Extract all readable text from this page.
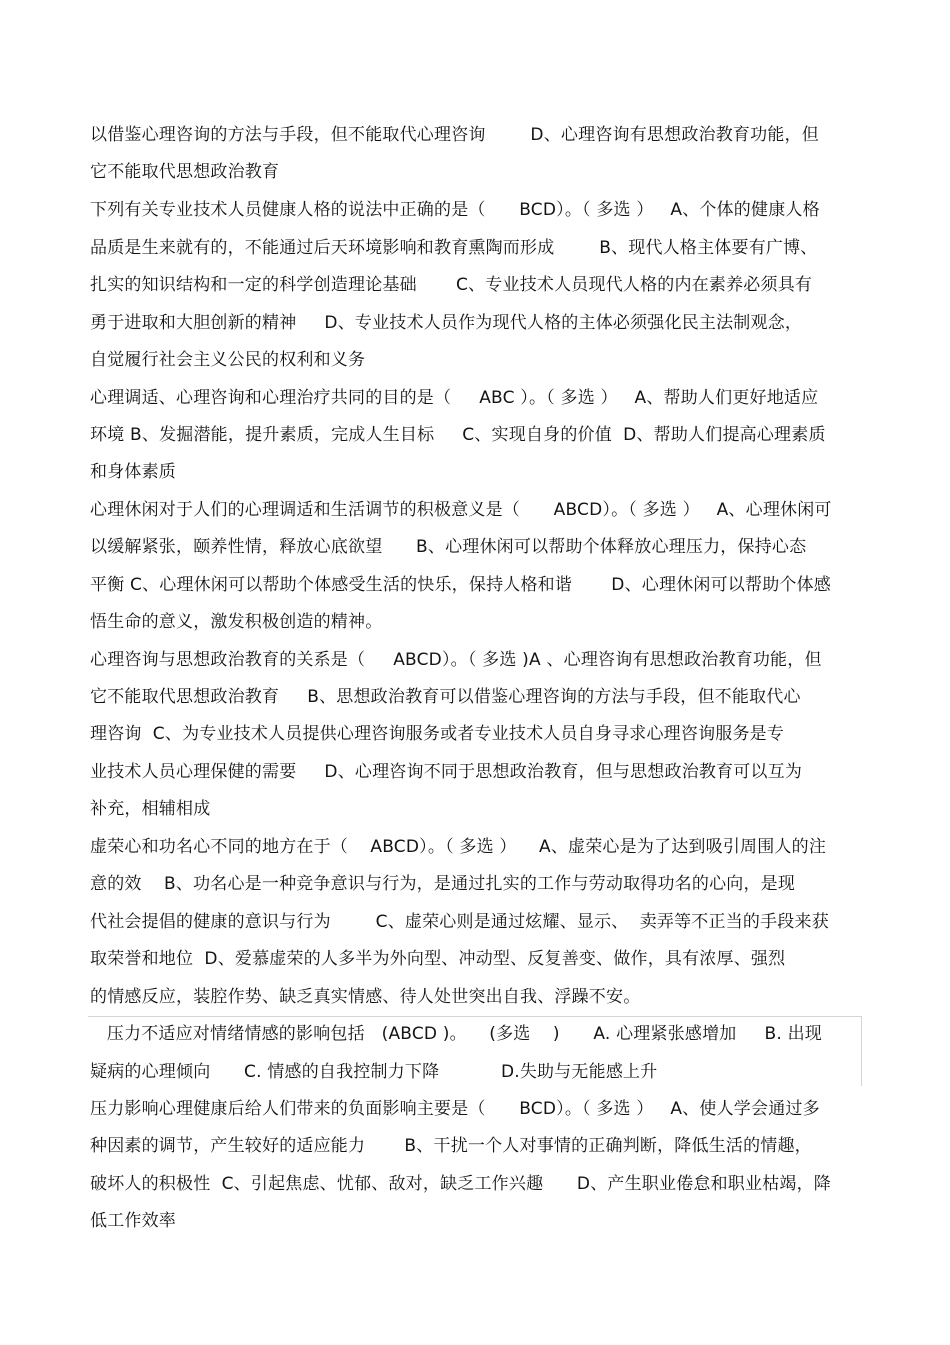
以借鉴心理咨询的方法与手段，但不能取代心理咨询        D、心理咨询有思想政治教育功能，但
它不能取代思想政治教育
下列有关专业技术人员健康人格的说法中正确的是（      BCD）。（ 多选 ）   A、个体的健康人格
品质是生来就有的，不能通过后天环境影响和教育熏陶而形成        B、现代人格主体要有广博、
扎实的知识结构和一定的科学创造理论基础       C、专业技术人员现代人格的内在素养必须具有
勇于进取和大胆创新的精神     D、专业技术人员作为现代人格的主体必须强化民主法制观念，
自觉履行社会主义公民的权利和义务
心理调适、心理咨询和心理治疗共同的目的是（     ABC ）。（ 多选 ）   A、帮助人们更好地适应
环境 B、发掘潜能，提升素质，完成人生目标     C、实现自身的价值  D、帮助人们提高心理素质
和身体素质
心理休闲对于人们的心理调适和生活调节的积极意义是（      ABCD）。（ 多选 ）   A、心理休闲可
以缓解紧张，颐养性情，释放心底欲望      B、心理休闲可以帮助个体释放心理压力，保持心态
平衡 C、心理休闲可以帮助个体感受生活的快乐，保持人格和谐       D、心理休闲可以帮助个体感
悟生命的意义，激发积极创造的精神。
心理咨询与思想政治教育的关系是（     ABCD）。（ 多选 )A 、心理咨询有思想政治教育功能，但
它不能取代思想政治教育     B、思想政治教育可以借鉴心理咨询的方法与手段，但不能取代心
理咨询  C、为专业技术人员提供心理咨询服务或者专业技术人员自身寻求心理咨询服务是专
业技术人员心理保健的需要     D、心理咨询不同于思想政治教育，但与思想政治教育可以互为
补充，相辅相成
虚荣心和功名心不同的地方在于（    ABCD）。（ 多选 ）    A、虚荣心是为了达到吸引周围人的注
意的效    B、功名心是一种竞争意识与行为，是通过扎实的工作与劳动取得功名的心向，是现
代社会提倡的健康的意识与行为        C、虚荣心则是通过炫耀、显示、  卖弄等不正当的手段来获
取荣誉和地位  D、爱慕虚荣的人多半为外向型、冲动型、反复善变、做作，具有浓厚、强烈
的情感反应，装腔作势、缺乏真实情感、待人处世突出自我、浮躁不安。
压力不适应对情绪情感的影响包括   (ABCD )。    (多选    )      A. 心理紧张感增加     B. 出现
疑病的心理倾向      C. 情感的自我控制力下降           D.失助与无能感上升
压力影响心理健康后给人们带来的负面影响主要是（      BCD）。（ 多选 ）   A、使人学会通过多
种因素的调节，产生较好的适应能力       B、干扰一个人对事情的正确判断，降低生活的情趣，
破坏人的积极性  C、引起焦虑、忧郁、敌对，缺乏工作兴趣      D、产生职业倦怠和职业枯竭，降
低工作效率
